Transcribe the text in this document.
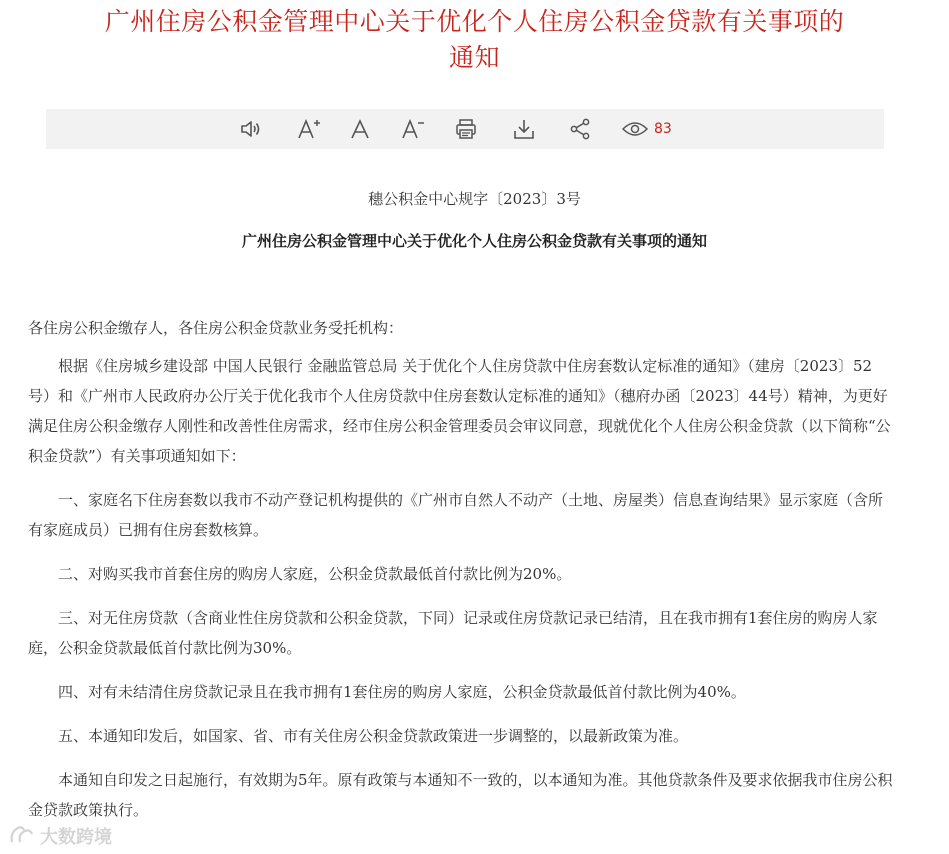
广州住房公积金管理中心关于优化个人住房公积金贷款有关事项的
通知
83
穗公积金中心规字〔2023〕3号
广州住房公积金管理中心关于优化个人住房公积金贷款有关事项的通知

各住房公积金缴存人，各住房公积金贷款业务受托机构：

根据《住房城乡建设部 中国人民银行 金融监管总局 关于优化个人住房贷款中住房套数认定标准的通知》（建房〔2023〕52号）和《广州市人民政府办公厅关于优化我市个人住房贷款中住房套数认定标准的通知》（穗府办函〔2023〕44号）精神，为更好满足住房公积金缴存人刚性和改善性住房需求，经市住房公积金管理委员会审议同意，现就优化个人住房公积金贷款（以下简称“公积金贷款”）有关事项通知如下：

一、家庭名下住房套数以我市不动产登记机构提供的《广州市自然人不动产（土地、房屋类）信息查询结果》显示家庭（含所有家庭成员）已拥有住房套数核算。

二、对购买我市首套住房的购房人家庭，公积金贷款最低首付款比例为20%。

三、对无住房贷款（含商业性住房贷款和公积金贷款，下同）记录或住房贷款记录已结清，且在我市拥有1套住房的购房人家庭，公积金贷款最低首付款比例为30%。

四、对有未结清住房贷款记录且在我市拥有1套住房的购房人家庭，公积金贷款最低首付款比例为40%。

五、本通知印发后，如国家、省、市有关住房公积金贷款政策进一步调整的，以最新政策为准。

本通知自印发之日起施行，有效期为5年。原有政策与本通知不一致的，以本通知为准。其他贷款条件及要求依据我市住房公积金贷款政策执行。

大数跨境
